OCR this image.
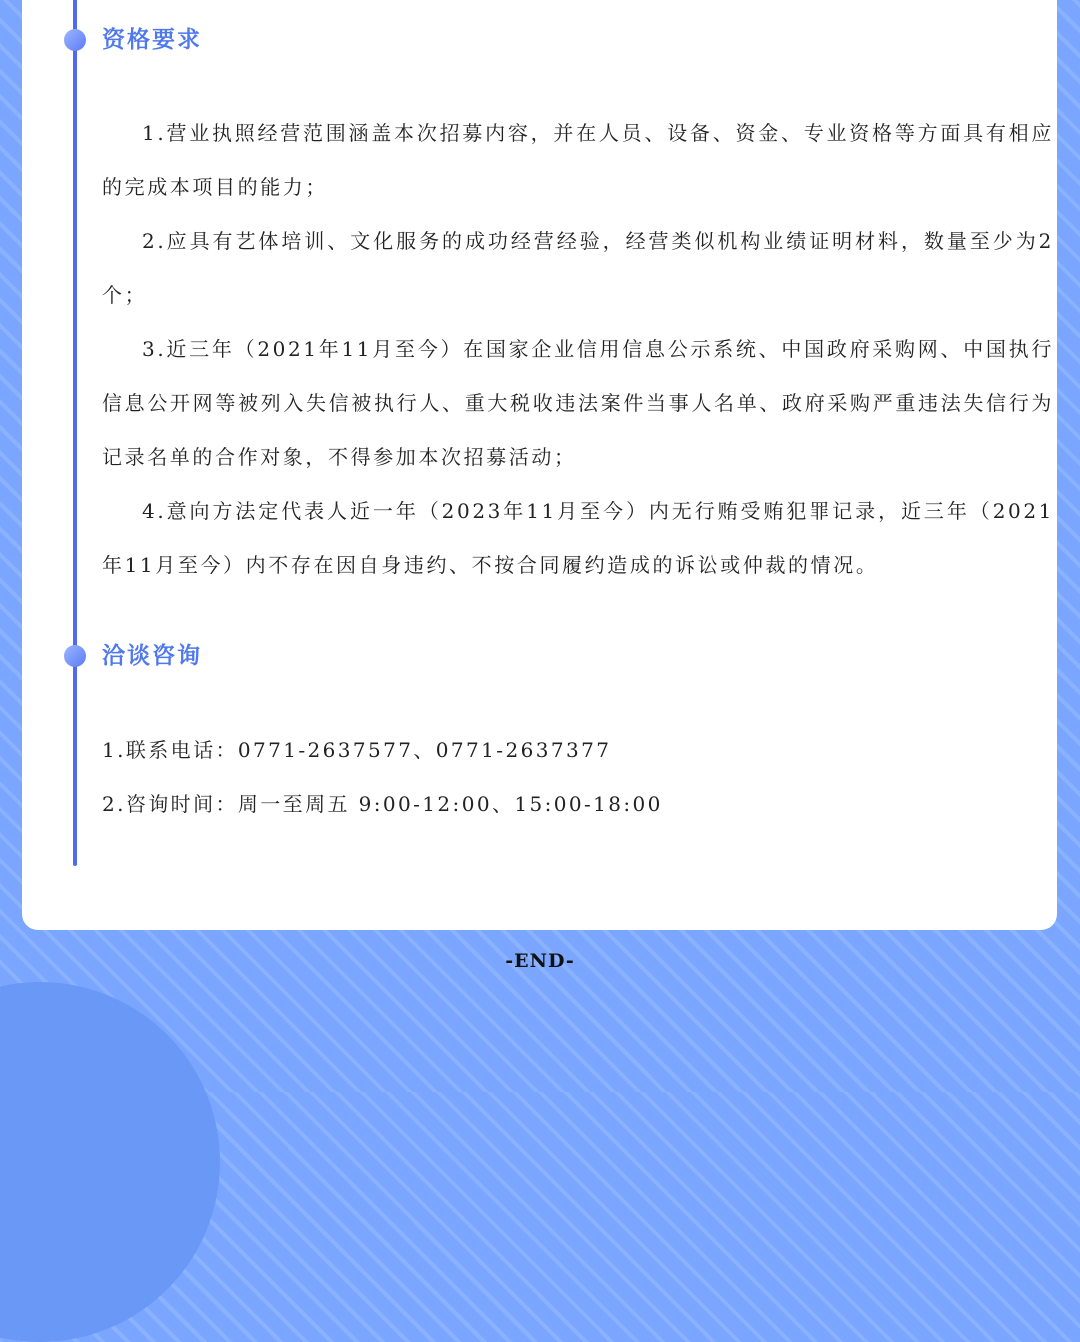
资格要求

1.营业执照经营范围涵盖本次招募内容，并在人员、设备、资金、专业资格等方面具有相应的完成本项目的能力；

2.应具有艺体培训、文化服务的成功经营经验，经营类似机构业绩证明材料，数量至少为2个；

3.近三年（2021年11月至今）在国家企业信用信息公示系统、中国政府采购网、中国执行信息公开网等被列入失信被执行人、重大税收违法案件当事人名单、政府采购严重违法失信行为记录名单的合作对象，不得参加本次招募活动；

4.意向方法定代表人近一年（2023年11月至今）内无行贿受贿犯罪记录，近三年（2021年11月至今）内不存在因自身违约、不按合同履约造成的诉讼或仲裁的情况。

洽谈咨询

1.联系电话：0771-2637577、0771-2637377

2.咨询时间：周一至周五 9:00-12:00、15:00-18:00

-END-
